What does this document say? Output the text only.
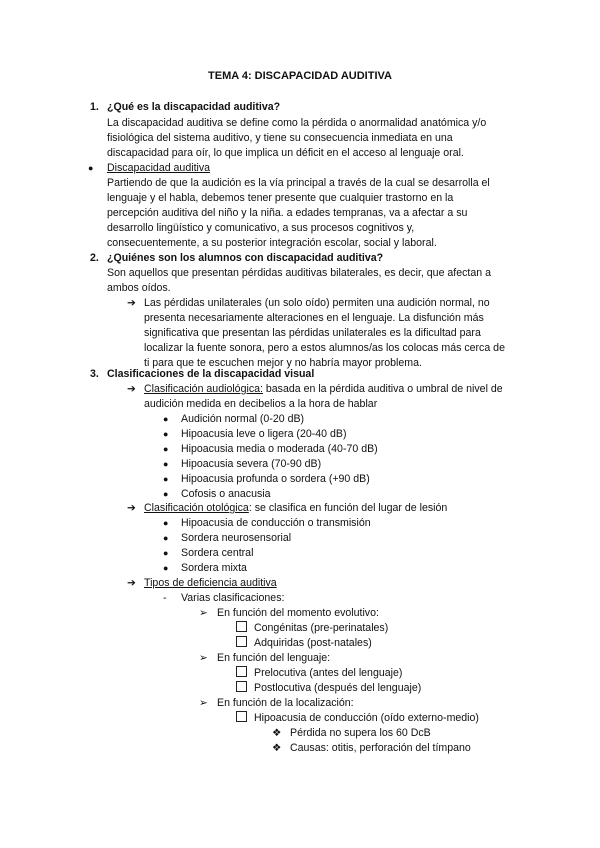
TEMA 4: DISCAPACIDAD AUDITIVA
1. ¿Qué es la discapacidad auditiva?
La discapacidad auditiva se define como la pérdida o anormalidad anatómica y/o
fisiológica del sistema auditivo, y tiene su consecuencia inmediata en una
discapacidad para oír, lo que implica un déficit en el acceso al lenguaje oral.
● Discapacidad auditiva
Partiendo de que la audición es la vía principal a través de la cual se desarrolla el
lenguaje y el habla, debemos tener presente que cualquier trastorno en la
percepción auditiva del niño y la niña. a edades tempranas, va a afectar a su
desarrollo lingüístico y comunicativo, a sus procesos cognitivos y,
consecuentemente, a su posterior integración escolar, social y laboral.
2. ¿Quiénes son los alumnos con discapacidad auditiva?
Son aquellos que presentan pérdidas auditivas bilaterales, es decir, que afectan a
ambos oídos.
➔ Las pérdidas unilaterales (un solo oído) permiten una audición normal, no
presenta necesariamente alteraciones en el lenguaje. La disfunción más
significativa que presentan las pérdidas unilaterales es la dificultad para
localizar la fuente sonora, pero a estos alumnos/as los colocas más cerca de
ti para que te escuchen mejor y no habría mayor problema.
3. Clasificaciones de la discapacidad visual
➔ Clasificación audiológica: basada en la pérdida auditiva o umbral de nivel de
audición medida en decibelios a la hora de hablar
● Audición normal (0-20 dB)
● Hipoacusia leve o ligera (20-40 dB)
● Hipoacusia media o moderada (40-70 dB)
● Hipoacusia severa (70-90 dB)
● Hipoacusia profunda o sordera (+90 dB)
● Cofosis o anacusia
➔ Clasificación otológica: se clasifica en función del lugar de lesión
● Hipoacusia de conducción o transmisión
● Sordera neurosensorial
● Sordera central
● Sordera mixta
➔ Tipos de deficiencia auditiva
- Varias clasificaciones:
➢ En función del momento evolutivo:
Congénitas (pre-perinatales)
Adquiridas (post-natales)
➢ En función del lenguaje:
Prelocutiva (antes del lenguaje)
Postlocutiva (después del lenguaje)
➢ En función de la localización:
Hipoacusia de conducción (oído externo-medio)
❖ Pérdida no supera los 60 DcB
❖ Causas: otitis, perforación del tímpano
